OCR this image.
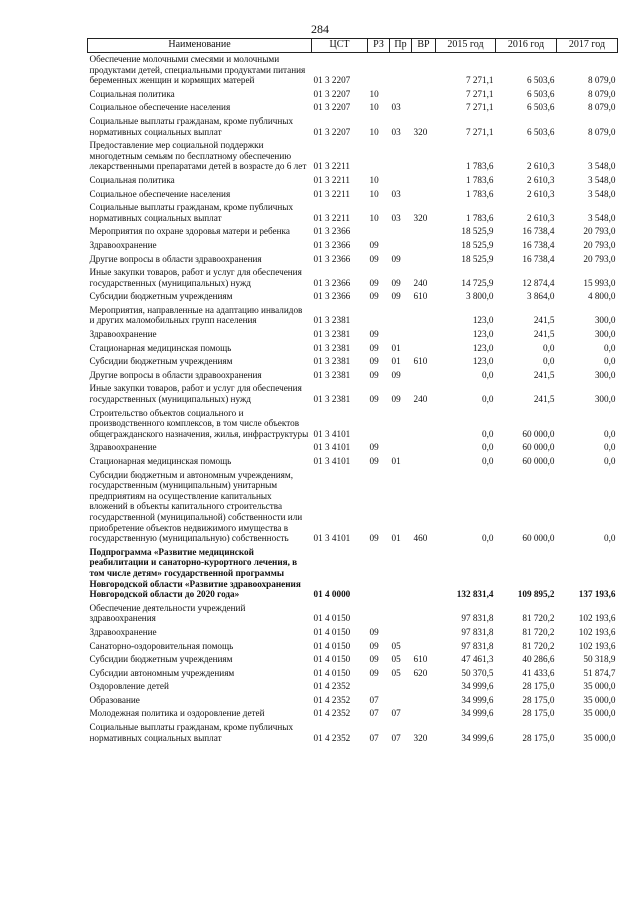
284
Наименование	ЦСТ	РЗ	Пр	ВР	2015 год	2016 год	2017 год
Обеспечение молочными смесями и молочными продуктами детей, специальными продуктами питания беременных женщин и кормящих матерей	01 3 2207				7 271,1	6 503,6	8 079,0
Социальная политика	01 3 2207	10			7 271,1	6 503,6	8 079,0
Социальное обеспечение населения	01 3 2207	10	03		7 271,1	6 503,6	8 079,0
Социальные выплаты гражданам, кроме публичных нормативных социальных выплат	01 3 2207	10	03	320	7 271,1	6 503,6	8 079,0
Предоставление мер социальной поддержки многодетным семьям по бесплатному обеспечению лекарственными препаратами детей в возрасте до 6 лет	01 3 2211				1 783,6	2 610,3	3 548,0
Социальная политика	01 3 2211	10			1 783,6	2 610,3	3 548,0
Социальное обеспечение населения	01 3 2211	10	03		1 783,6	2 610,3	3 548,0
Социальные выплаты гражданам, кроме публичных нормативных социальных выплат	01 3 2211	10	03	320	1 783,6	2 610,3	3 548,0
Мероприятия по охране здоровья матери и ребенка	01 3 2366				18 525,9	16 738,4	20 793,0
Здравоохранение	01 3 2366	09			18 525,9	16 738,4	20 793,0
Другие вопросы в области здравоохранения	01 3 2366	09	09		18 525,9	16 738,4	20 793,0
Иные закупки товаров, работ и услуг для обеспечения государственных (муниципальных) нужд	01 3 2366	09	09	240	14 725,9	12 874,4	15 993,0
Субсидии бюджетным учреждениям	01 3 2366	09	09	610	3 800,0	3 864,0	4 800,0
Мероприятия, направленные на адаптацию инвалидов и других маломобильных групп населения	01 3 2381				123,0	241,5	300,0
Здравоохранение	01 3 2381	09			123,0	241,5	300,0
Стационарная медицинская помощь	01 3 2381	09	01		123,0	0,0	0,0
Субсидии бюджетным учреждениям	01 3 2381	09	01	610	123,0	0,0	0,0
Другие вопросы в области здравоохранения	01 3 2381	09	09		0,0	241,5	300,0
Иные закупки товаров, работ и услуг для обеспечения государственных (муниципальных) нужд	01 3 2381	09	09	240	0,0	241,5	300,0
Строительство объектов социального и производственного комплексов, в том числе объектов общегражданского назначения, жилья, инфраструктуры	01 3 4101				0,0	60 000,0	0,0
Здравоохранение	01 3 4101	09			0,0	60 000,0	0,0
Стационарная медицинская помощь	01 3 4101	09	01		0,0	60 000,0	0,0
Субсидии бюджетным и автономным учреждениям, государственным (муниципальным) унитарным предприятиям на осуществление капитальных вложений в объекты капитального строительства государственной (муниципальной) собственности или приобретение объектов недвижимого имущества в государственную (муниципальную) собственность	01 3 4101	09	01	460	0,0	60 000,0	0,0
Подпрограмма «Развитие медицинской реабилитации и санаторно-курортного лечения, в том числе детям» государственной программы Новгородской области «Развитие здравоохранения Новгородской области до 2020 года»	01 4 0000				132 831,4	109 895,2	137 193,6
Обеспечение деятельности учреждений здравоохранения	01 4 0150				97 831,8	81 720,2	102 193,6
Здравоохранение	01 4 0150	09			97 831,8	81 720,2	102 193,6
Санаторно-оздоровительная помощь	01 4 0150	09	05		97 831,8	81 720,2	102 193,6
Субсидии бюджетным учреждениям	01 4 0150	09	05	610	47 461,3	40 286,6	50 318,9
Субсидии автономным учреждениям	01 4 0150	09	05	620	50 370,5	41 433,6	51 874,7
Оздоровление детей	01 4 2352				34 999,6	28 175,0	35 000,0
Образование	01 4 2352	07			34 999,6	28 175,0	35 000,0
Молодежная политика и оздоровление детей	01 4 2352	07	07		34 999,6	28 175,0	35 000,0
Социальные выплаты гражданам, кроме публичных нормативных социальных выплат	01 4 2352	07	07	320	34 999,6	28 175,0	35 000,0
